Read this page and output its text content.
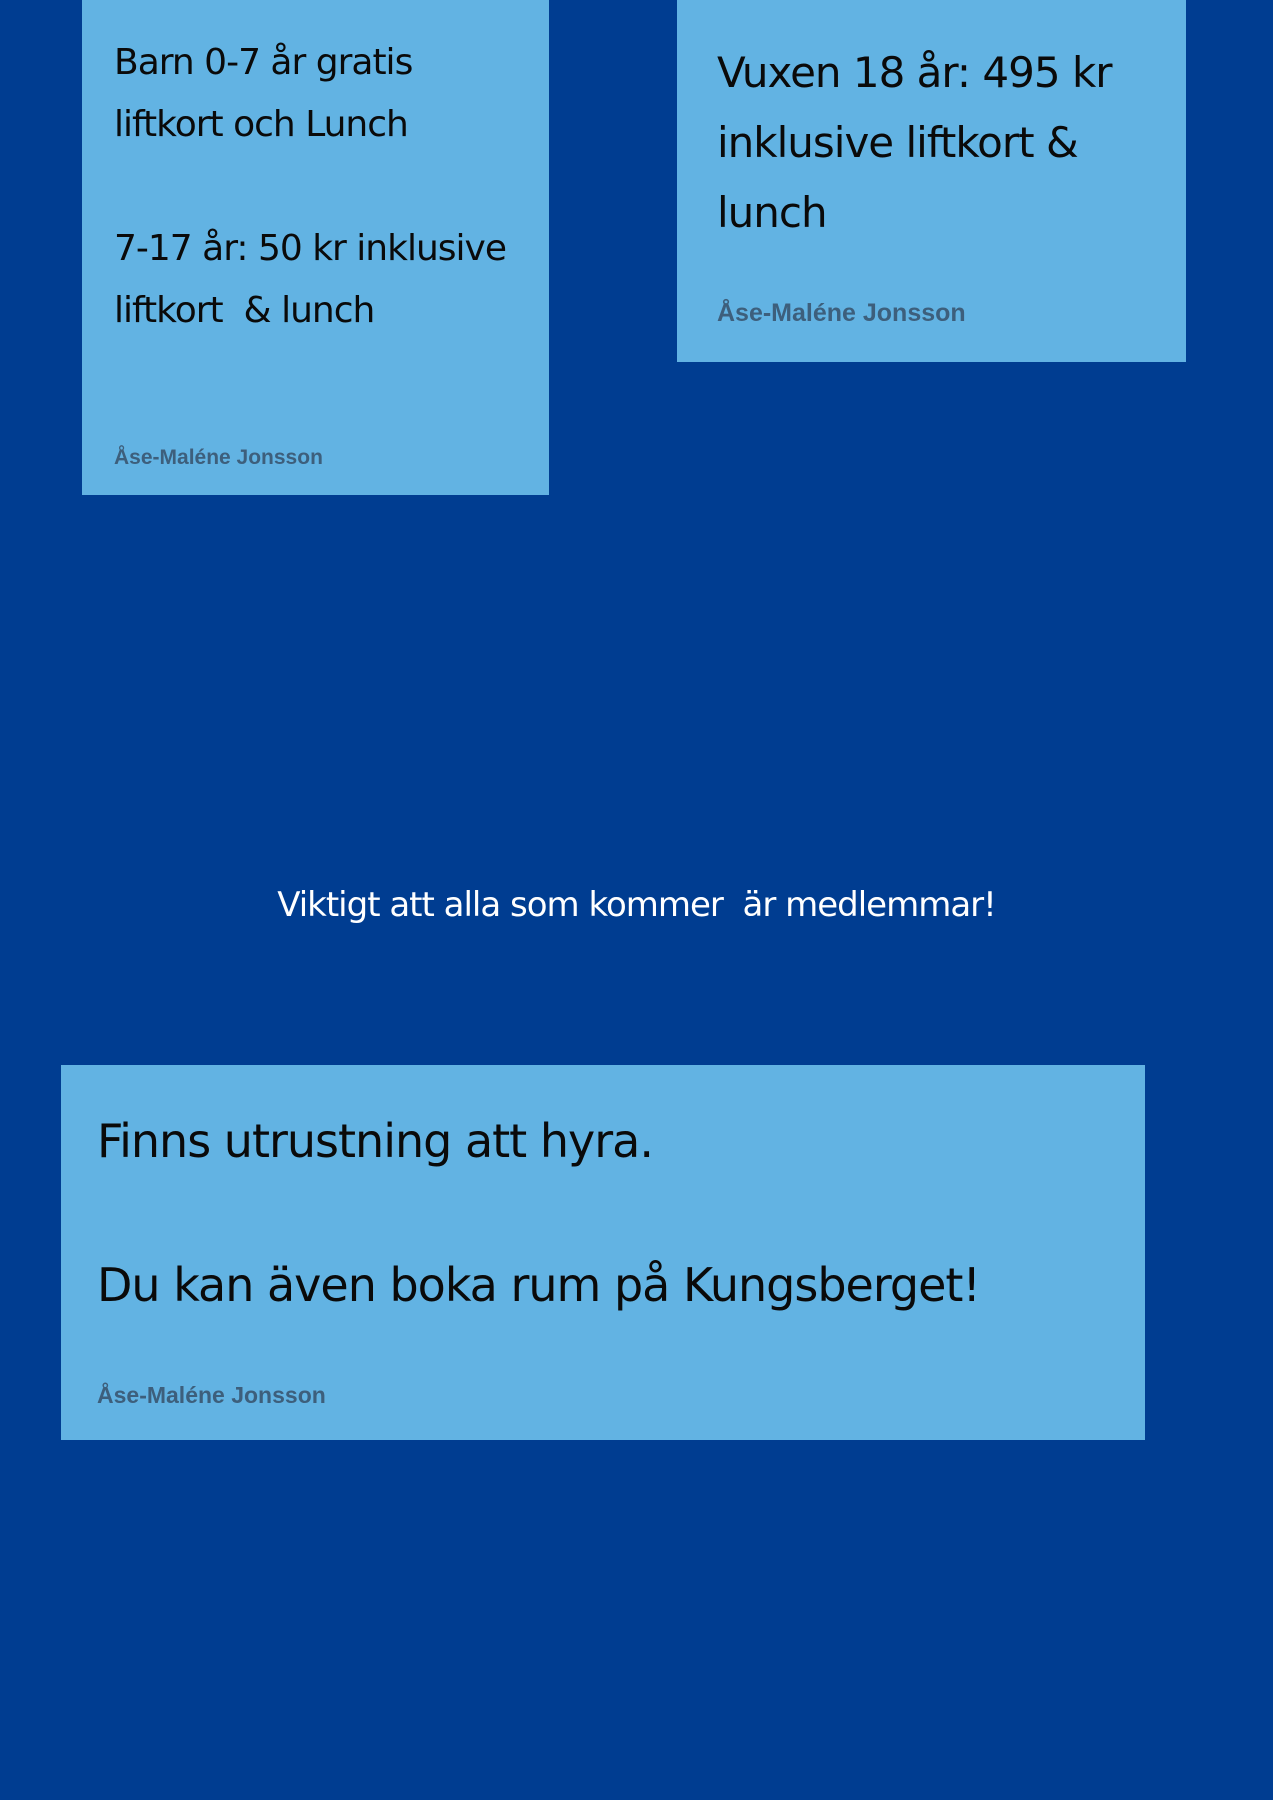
Barn 0-7 år gratis
liftkort och Lunch

7-17 år: 50 kr inklusive
liftkort  & lunch
Åse-Maléne Jonsson
Vuxen 18 år: 495 kr
inklusive liftkort &
lunch
Åse-Maléne Jonsson
Viktigt att alla som kommer  är medlemmar!
Finns utrustning att hyra.

Du kan även boka rum på Kungsberget!
Åse-Maléne Jonsson
